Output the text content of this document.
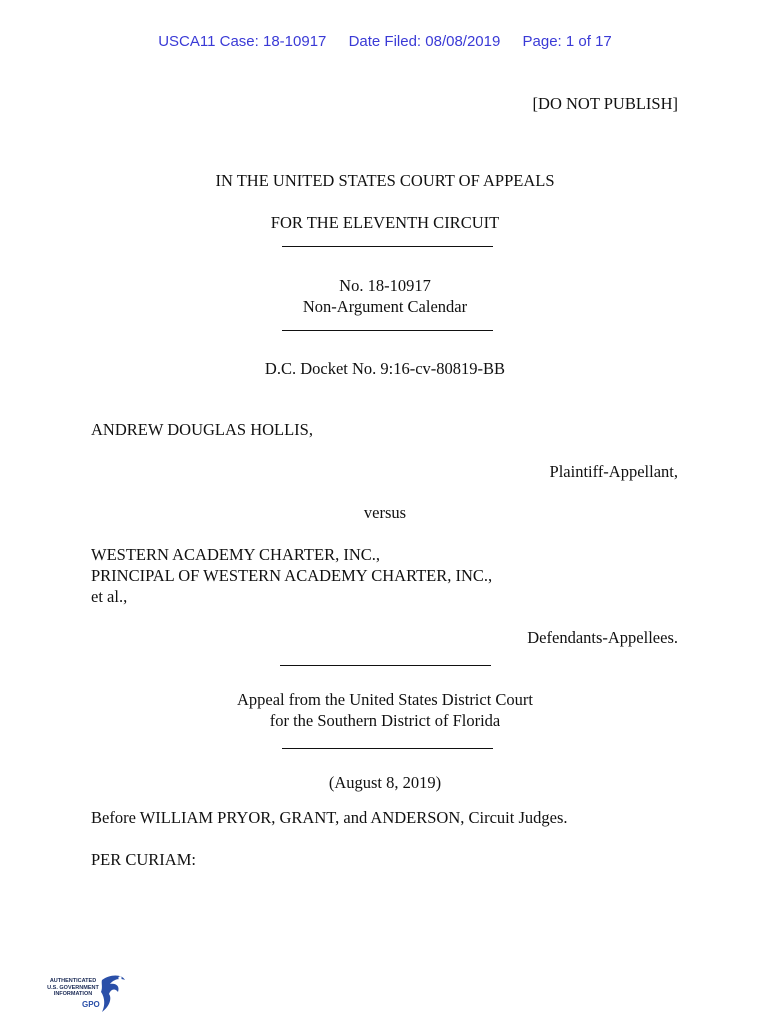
USCA11 Case: 18-10917 Date Filed: 08/08/2019 Page: 1 of 17
[DO NOT PUBLISH]
IN THE UNITED STATES COURT OF APPEALS
FOR THE ELEVENTH CIRCUIT
No. 18-10917
Non-Argument Calendar
D.C. Docket No. 9:16-cv-80819-BB
ANDREW DOUGLAS HOLLIS,
Plaintiff-Appellant,
versus
WESTERN ACADEMY CHARTER, INC.,
PRINCIPAL OF WESTERN ACADEMY CHARTER, INC.,
et al.,
Defendants-Appellees.
Appeal from the United States District Court
for the Southern District of Florida
(August 8, 2019)
Before WILLIAM PRYOR, GRANT, and ANDERSON, Circuit Judges.
PER CURIAM:
AUTHENTICATED
U.S. GOVERNMENT
INFORMATION
GPO
